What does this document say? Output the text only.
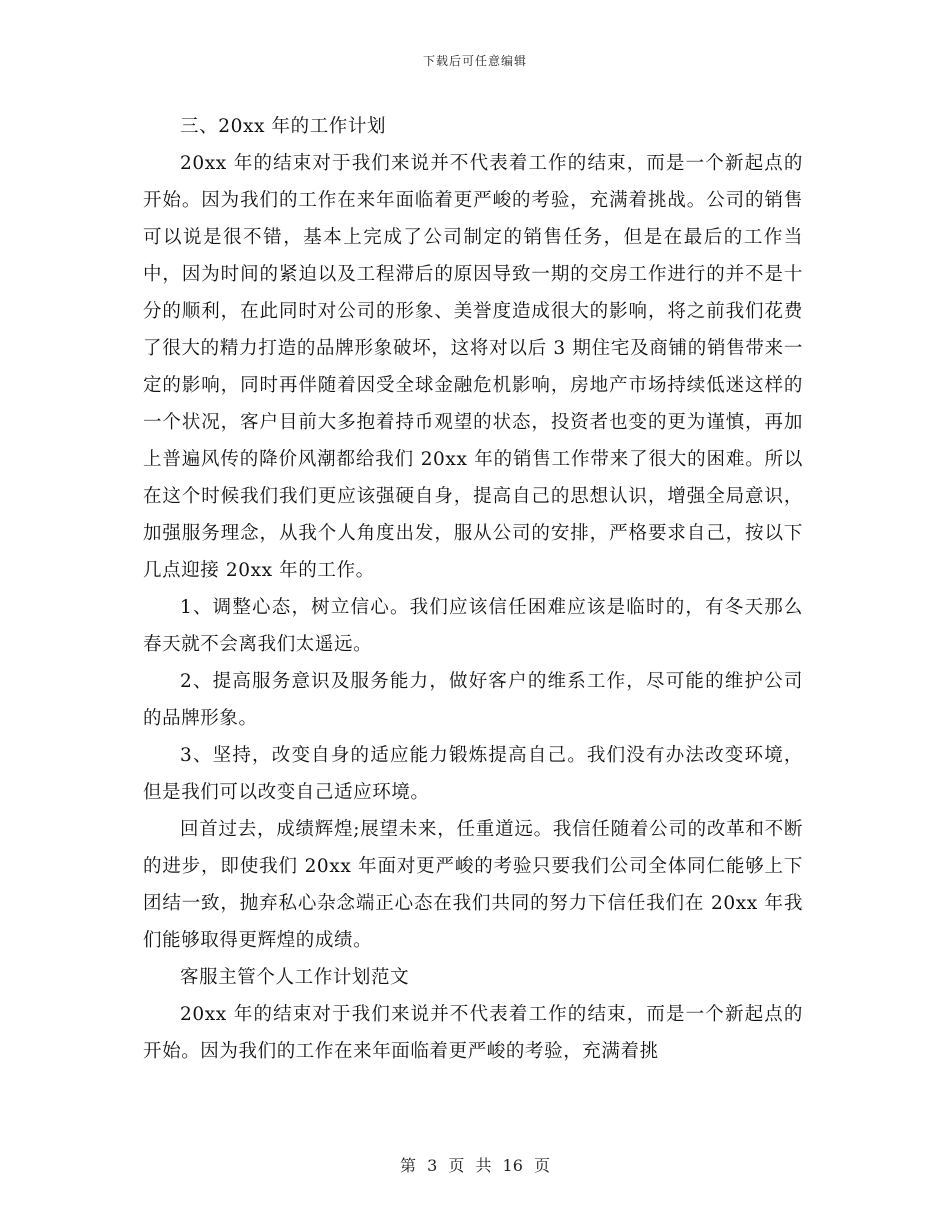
下载后可任意编辑

三、20xx 年的工作计划

20xx 年的结束对于我们来说并不代表着工作的结束，而是一个新起点的开始。因为我们的工作在来年面临着更严峻的考验，充满着挑战。公司的销售可以说是很不错，基本上完成了公司制定的销售任务，但是在最后的工作当中，因为时间的紧迫以及工程滞后的原因导致一期的交房工作进行的并不是十分的顺利，在此同时对公司的形象、美誉度造成很大的影响，将之前我们花费了很大的精力打造的品牌形象破坏，这将对以后 3 期住宅及商铺的销售带来一定的影响，同时再伴随着因受全球金融危机影响，房地产市场持续低迷这样的一个状况，客户目前大多抱着持币观望的状态，投资者也变的更为谨慎，再加上普遍风传的降价风潮都给我们 20xx 年的销售工作带来了很大的困难。所以在这个时候我们我们更应该强硬自身，提高自己的思想认识，增强全局意识，加强服务理念，从我个人角度出发，服从公司的安排，严格要求自己，按以下几点迎接 20xx 年的工作。

1、调整心态，树立信心。我们应该信任困难应该是临时的，有冬天那么春天就不会离我们太遥远。

2、提高服务意识及服务能力，做好客户的维系工作，尽可能的维护公司的品牌形象。

3、坚持，改变自身的适应能力锻炼提高自己。我们没有办法改变环境，但是我们可以改变自己适应环境。

回首过去，成绩辉煌;展望未来，任重道远。我信任随着公司的改革和不断的进步，即使我们 20xx 年面对更严峻的考验只要我们公司全体同仁能够上下团结一致，抛弃私心杂念端正心态在我们共同的努力下信任我们在 20xx 年我们能够取得更辉煌的成绩。

客服主管个人工作计划范文

20xx 年的结束对于我们来说并不代表着工作的结束，而是一个新起点的开始。因为我们的工作在来年面临着更严峻的考验，充满着挑

第 3 页 共 16 页
